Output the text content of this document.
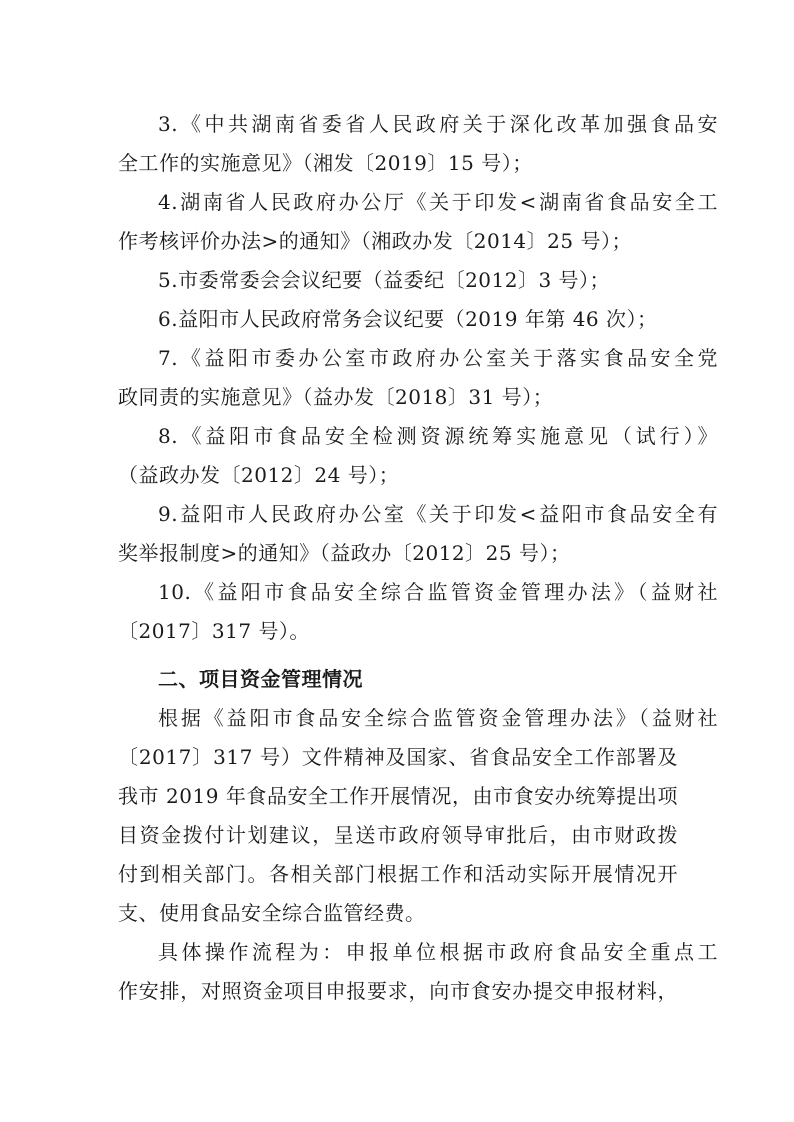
3.《中共湖南省委省人民政府关于深化改革加强食品安
全工作的实施意见》（湘发〔2019〕15 号）；
4.湖南省人民政府办公厅《关于印发<湖南省食品安全工
作考核评价办法>的通知》（湘政办发〔2014〕25 号）；
5.市委常委会会议纪要（益委纪〔2012〕3 号）；
6.益阳市人民政府常务会议纪要（2019 年第 46 次）；
7.《益阳市委办公室市政府办公室关于落实食品安全党
政同责的实施意见》（益办发〔2018〕31 号）；
8.《益阳市食品安全检测资源统筹实施意见（试行）》
（益政办发〔2012〕24 号）；
9.益阳市人民政府办公室《关于印发<益阳市食品安全有
奖举报制度>的通知》（益政办〔2012〕25 号）；
10.《益阳市食品安全综合监管资金管理办法》（益财社
〔2017〕317 号）。
二、项目资金管理情况
根据《益阳市食品安全综合监管资金管理办法》（益财社
〔2017〕317 号）文件精神及国家、省食品安全工作部署及
我市 2019 年食品安全工作开展情况，由市食安办统筹提出项
目资金拨付计划建议，呈送市政府领导审批后，由市财政拨
付到相关部门。各相关部门根据工作和活动实际开展情况开
支、使用食品安全综合监管经费。
具体操作流程为：申报单位根据市政府食品安全重点工
作安排，对照资金项目申报要求，向市食安办提交申报材料，
